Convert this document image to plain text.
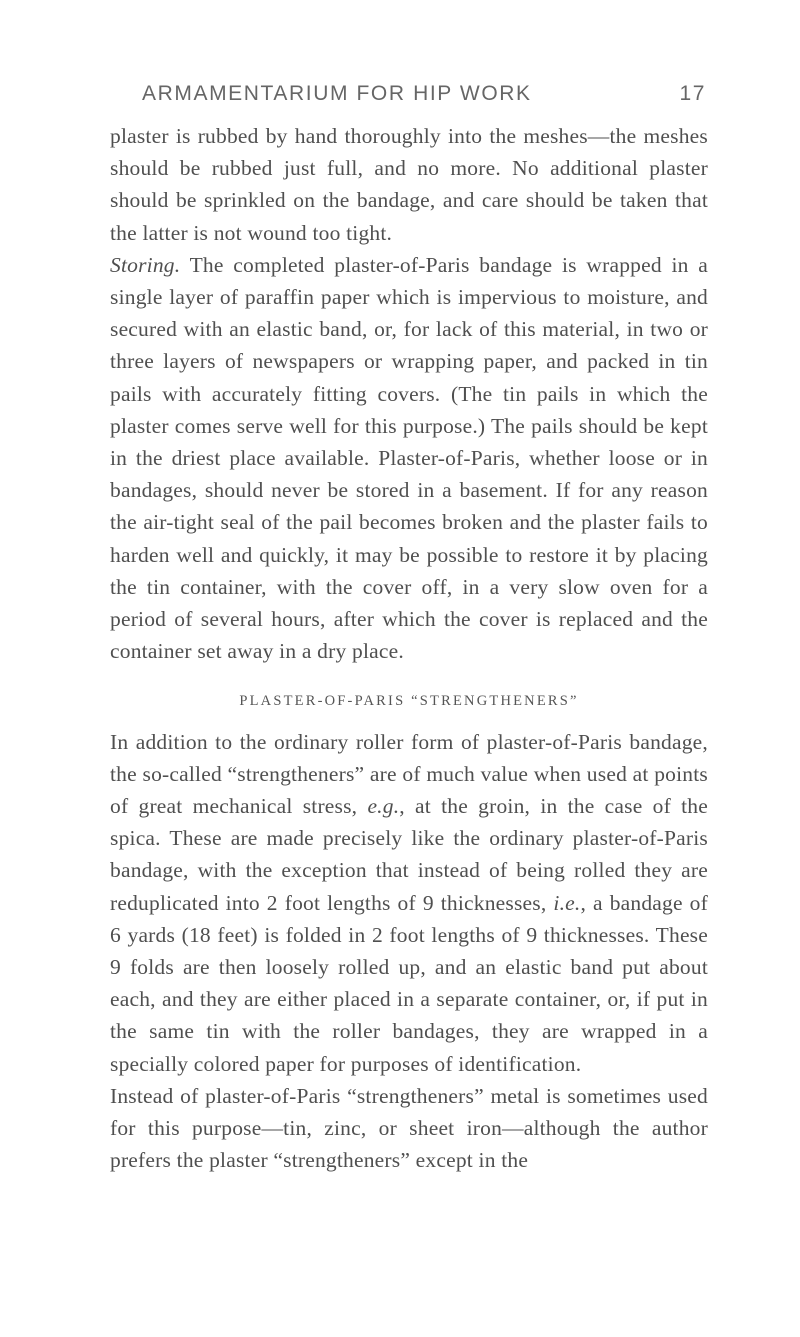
ARMAMENTARIUM FOR HIP WORK	17

plaster is rubbed by hand thoroughly into the meshes—the meshes should be rubbed just full, and no more. No additional plaster should be sprinkled on the bandage, and care should be taken that the latter is not wound too tight.

Storing. The completed plaster-of-Paris bandage is wrapped in a single layer of paraffin paper which is impervious to moisture, and secured with an elastic band, or, for lack of this material, in two or three layers of newspapers or wrapping paper, and packed in tin pails with accurately fitting covers. (The tin pails in which the plaster comes serve well for this purpose.) The pails should be kept in the driest place available. Plaster-of-Paris, whether loose or in bandages, should never be stored in a basement. If for any reason the air-tight seal of the pail becomes broken and the plaster fails to harden well and quickly, it may be possible to restore it by placing the tin container, with the cover off, in a very slow oven for a period of several hours, after which the cover is replaced and the container set away in a dry place.

PLASTER-OF-PARIS “STRENGTHENERS”

In addition to the ordinary roller form of plaster-of-Paris bandage, the so-called “strengtheners” are of much value when used at points of great mechanical stress, e.g., at the groin, in the case of the spica. These are made precisely like the ordinary plaster-of-Paris bandage, with the exception that instead of being rolled they are reduplicated into 2 foot lengths of 9 thicknesses, i.e., a bandage of 6 yards (18 feet) is folded in 2 foot lengths of 9 thicknesses. These 9 folds are then loosely rolled up, and an elastic band put about each, and they are either placed in a separate container, or, if put in the same tin with the roller bandages, they are wrapped in a specially colored paper for purposes of identification.

Instead of plaster-of-Paris “strengtheners” metal is sometimes used for this purpose—tin, zinc, or sheet iron—although the author prefers the plaster “strengtheners” except in the
